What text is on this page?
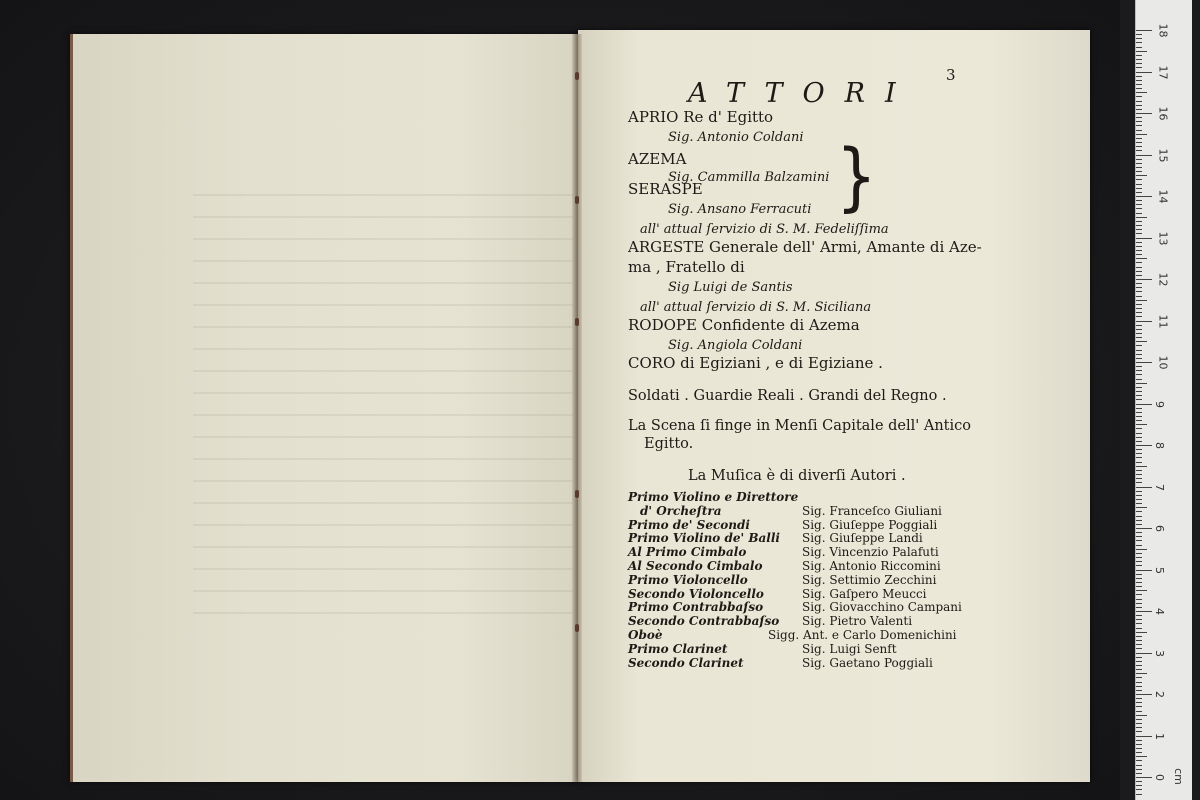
ATTORI
3
APRIO Re d' Egitto
Sig. Antonio Coldani
AZEMA
Sig. Cammilla Balzamini
SERASPE
Sig. Ansano Ferracuti }
all' attual ſervizio di S. M. Fedeliſſima
ARGESTE Generale dell' Armi, Amante di Aze-
ma , Fratello di
Sig Luigi de Santis
all' attual ſervizio di S. M. Siciliana
RODOPE Confidente di Azema
Sig. Angiola Coldani
CORO di Egiziani , e di Egiziane .
Soldati . Guardie Reali . Grandi del Regno .
La Scena ſi finge in Menſi Capitale dell' Antico
Egitto.
La Muſica è di diverſi Autori .
Primo Violino e Direttore
d' Orcheſtra	Sig. Franceſco Giuliani
Primo de' Secondi	Sig. Giuſeppe Poggiali
Primo Violino de' Balli Sig. Giuſeppe Landi
Al Primo Cimbalo	Sig. Vincenzio Palafuti
Al Secondo Cimbalo	Sig. Antonio Riccomini
Primo Violoncello	Sig. Settimio Zecchini
Secondo Violoncello	Sig. Gaſpero Meucci
Primo Contrabbaſso	Sig. Giovacchino Campani
Secondo Contrabbaſso Sig. Pietro Valenti
Oboè	Sigg. Ant. e Carlo Domenichini
Primo Clarinet	Sig. Luigi Senft
Secondo Clarinet	Sig. Gaetano Poggiali
18
17
16
15
14
13
12
11
10
9
8
7
6
5
4
3
2
1
0 cm
